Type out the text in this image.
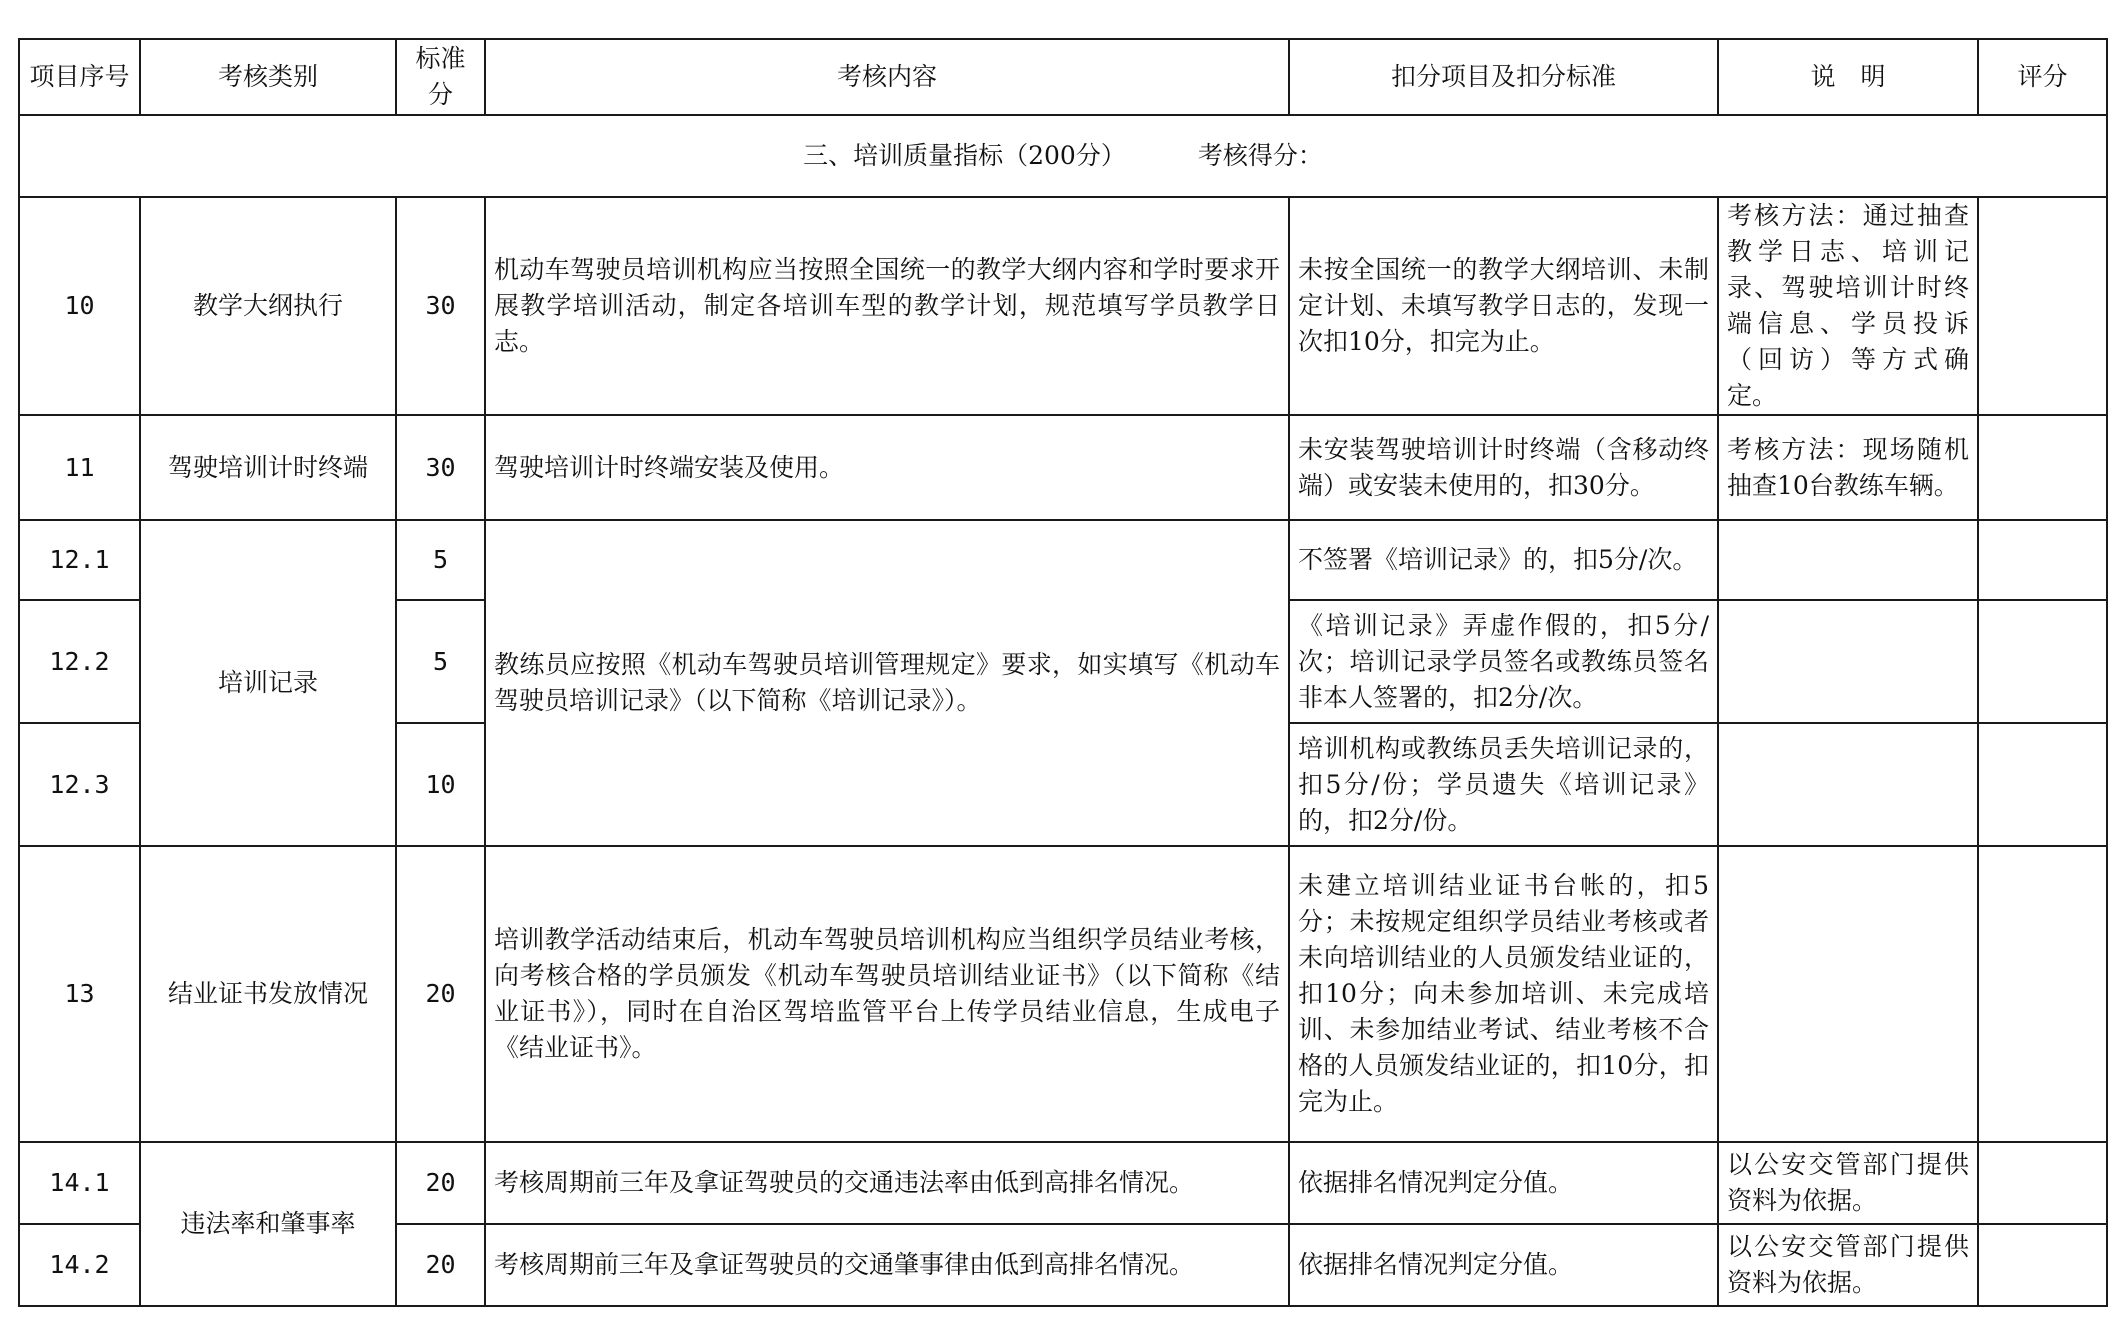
项目序号	考核类别	标准分	考核内容	扣分项目及扣分标准	说　明	评分
三、培训质量指标（200分） 考核得分：						
10	教学大纲执行	30	机动车驾驶员培训机构应当按照全国统一的教学大纲内容和学时要求开展教学培训活动，制定各培训车型的教学计划，规范填写学员教学日志。	未按全国统一的教学大纲培训、未制定计划、未填写教学日志的，发现一次扣10分，扣完为止。	考核方法：通过抽查教学日志、培训记录、驾驶培训计时终端信息、学员投诉（回访）等方式确定。	
11	驾驶培训计时终端	30	驾驶培训计时终端安装及使用。	未安装驾驶培训计时终端（含移动终端）或安装未使用的，扣30分。	考核方法：现场随机抽查10台教练车辆。	
12.1	培训记录	5	教练员应按照《机动车驾驶员培训管理规定》要求，如实填写《机动车驾驶员培训记录》（以下简称《培训记录》）。	不签署《培训记录》的，扣5分/次。		
12.2		5		《培训记录》弄虚作假的，扣5分/次；培训记录学员签名或教练员签名非本人签署的，扣2分/次。		
12.3		10		培训机构或教练员丢失培训记录的，扣5分/份；学员遗失《培训记录》的，扣2分/份。		
13	结业证书发放情况	20	培训教学活动结束后，机动车驾驶员培训机构应当组织学员结业考核，向考核合格的学员颁发《机动车驾驶员培训结业证书》（以下简称《结业证书》），同时在自治区驾培监管平台上传学员结业信息，生成电子《结业证书》。	未建立培训结业证书台帐的，扣5分；未按规定组织学员结业考核或者未向培训结业的人员颁发结业证的，扣10分；向未参加培训、未完成培训、未参加结业考试、结业考核不合格的人员颁发结业证的，扣10分，扣完为止。		
14.1	违法率和肇事率	20	考核周期前三年及拿证驾驶员的交通违法率由低到高排名情况。	依据排名情况判定分值。	以公安交管部门提供资料为依据。	
14.2		20	考核周期前三年及拿证驾驶员的交通肇事律由低到高排名情况。	依据排名情况判定分值。	以公安交管部门提供资料为依据。	
